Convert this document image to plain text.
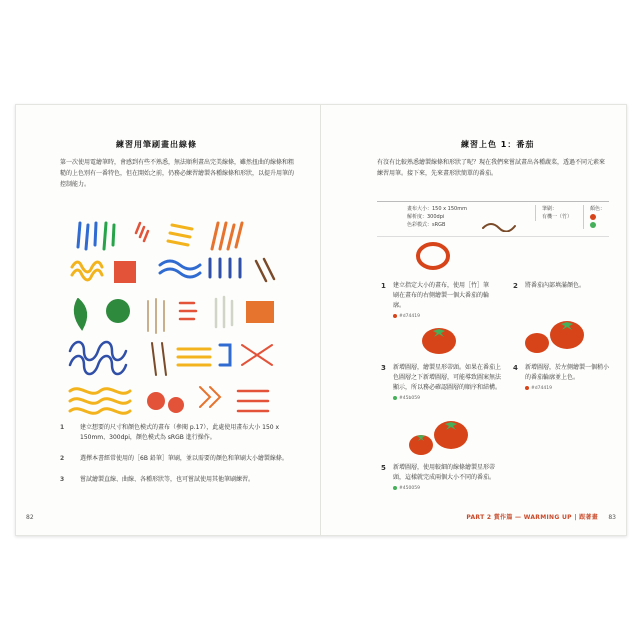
練習用筆刷畫出線條
第一次使用電繪筆時，會感到有些不熟悉，無法順利畫出完美線條，雖然扭曲的線條和粗糙的上色別有一番特色，但在開始之前，仍務必練習繪製各種線條和形狀，以提升用筆的控制能力。
1	建立想要的尺寸和顏色模式的畫布（參閱 p.17），此處使用畫布大小 150 x 150mm、300dpi，顏色模式為 sRGB 進行操作。
2	選擇本書經常使用的［6B 鉛筆］筆刷，並以需要的顏色和筆刷大小繪製線條。
3	嘗試繪製直線、曲線、各種形狀等，也可嘗試使用其他筆刷練習。
82
練習上色 1：番茄
有沒有比較熟悉繪製線條和形狀了呢？現在我們來嘗試畫出各種蔬菜，透過不同元素來練習用筆。接下來，先來畫形狀簡單的番茄。
畫布大小：150 x 150mm
解析度：300dpi
色彩模式：sRGB
筆刷：
有機一（竹）
顏色：

1 建立指定大小的畫布，使用［竹］筆刷在畫布的右側繪製一個大番茄的輪廓。
#d74419
2 將番茄內部填滿顏色。
3 新增圖層，繪製星形蒂頭。如果在番茄上色圖層之下新增圖層，可能導致圖案無法顯示，所以務必確認圖層的順序和結構。
#45b059
4 新增圖層，於左側繪製一個稍小的番茄輪廓並上色。
#d74419
5 新增圖層，使用較細的線條繪製星形蒂頭，這樣就完成兩個大小不同的番茄。
#450059
PART 2 賞作篇 — WARMING UP | 跟著畫 83
